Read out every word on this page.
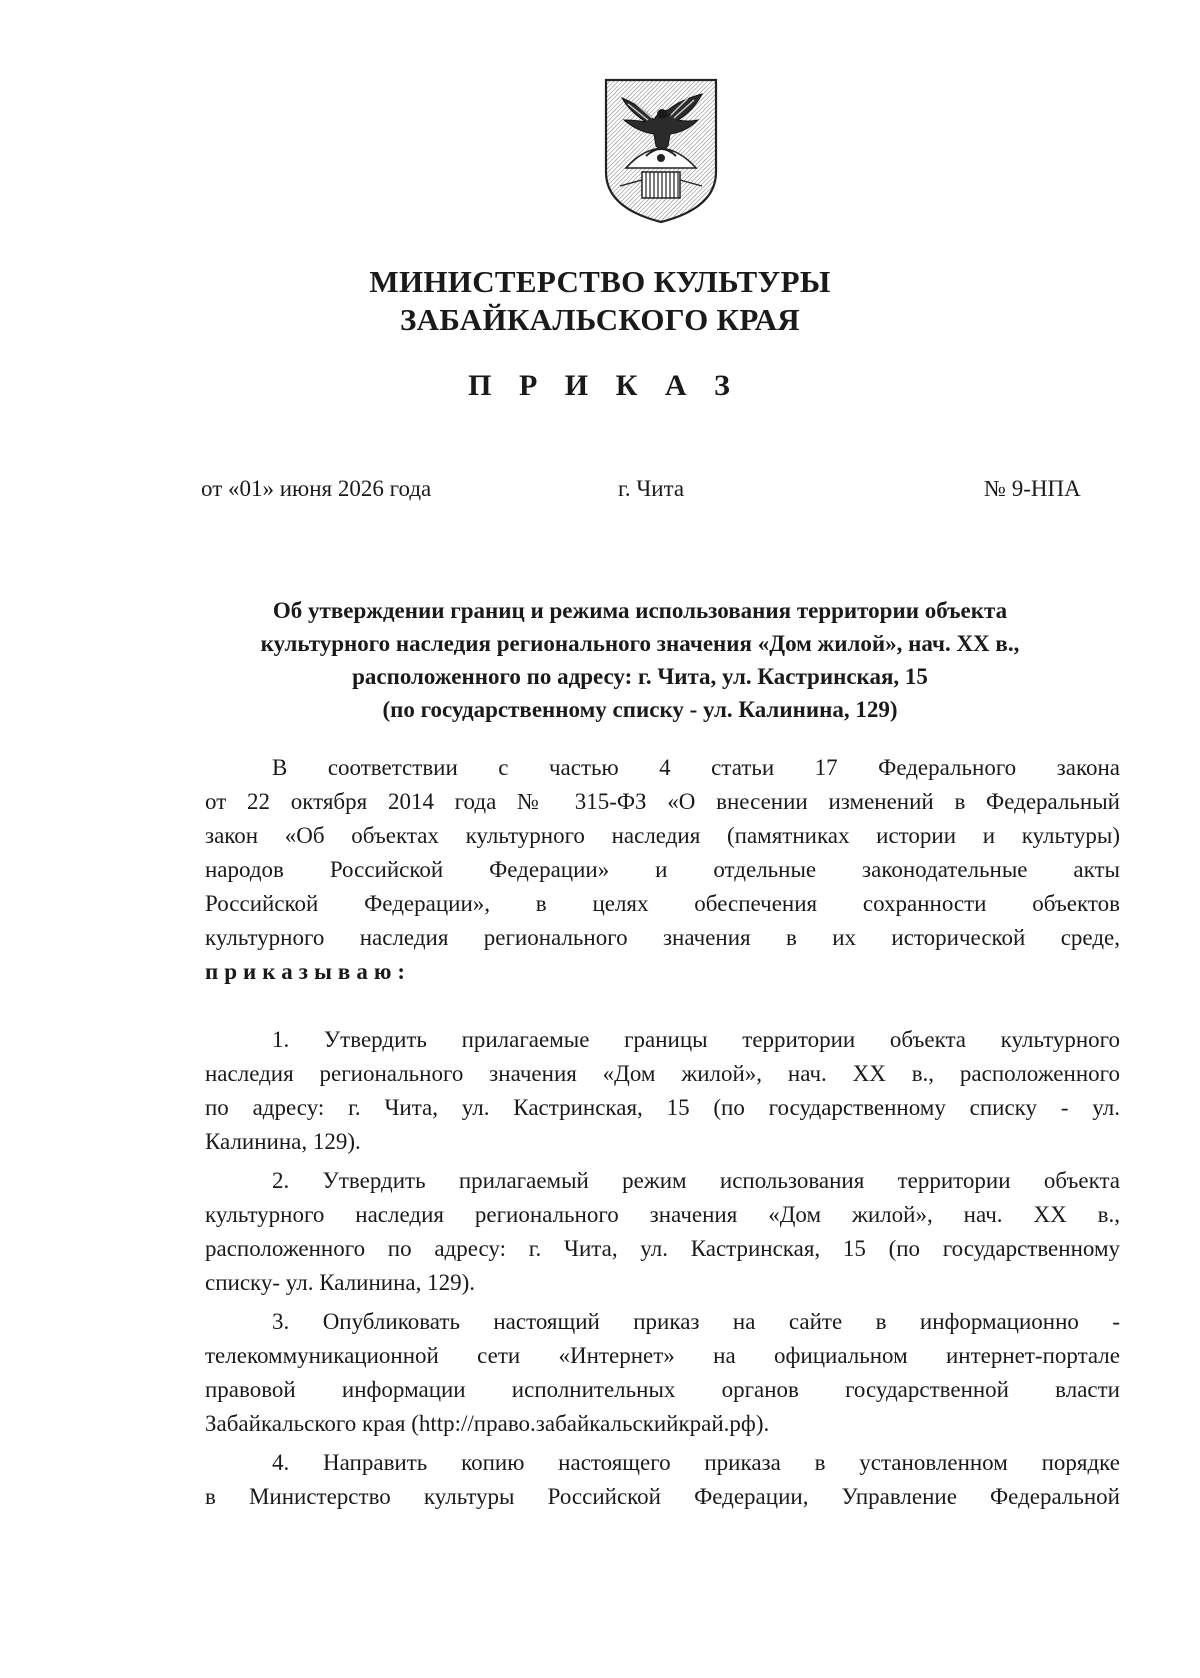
МИНИСТЕРСТВО КУЛЬТУРЫ
ЗАБАЙКАЛЬСКОГО КРАЯ
П Р И К А З
от «01» июня 2026 года	г. Чита	№ 9-НПА
Об утверждении границ и режима использования территории объекта
культурного наследия регионального значения «Дом жилой», нач. XX в.,
расположенного по адресу: г. Чита, ул. Кастринская, 15
(по государственному списку - ул. Калинина, 129)
В соответствии с частью 4 статьи 17 Федерального закона
от 22 октября 2014 года № 315-ФЗ «О внесении изменений в Федеральный
закон «Об объектах культурного наследия (памятниках истории и культуры)
народов Российской Федерации» и отдельные законодательные акты
Российской Федерации», в целях обеспечения сохранности объектов
культурного наследия регионального значения в их исторической среде,
приказываю:
1. Утвердить прилагаемые границы территории объекта культурного
наследия регионального значения «Дом жилой», нач. XX в., расположенного
по адресу: г. Чита, ул. Кастринская, 15 (по государственному списку - ул.
Калинина, 129).
2. Утвердить прилагаемый режим использования территории объекта
культурного наследия регионального значения «Дом жилой», нач. XX в.,
расположенного по адресу: г. Чита, ул. Кастринская, 15 (по государственному
списку- ул. Калинина, 129).
3. Опубликовать настоящий приказ на сайте в информационно -
телекоммуникационной сети «Интернет» на официальном интернет-портале
правовой информации исполнительных органов государственной власти
Забайкальского края (http://право.забайкальскийкрай.рф).
4. Направить копию настоящего приказа в установленном порядке
в Министерство культуры Российской Федерации, Управление Федеральной
